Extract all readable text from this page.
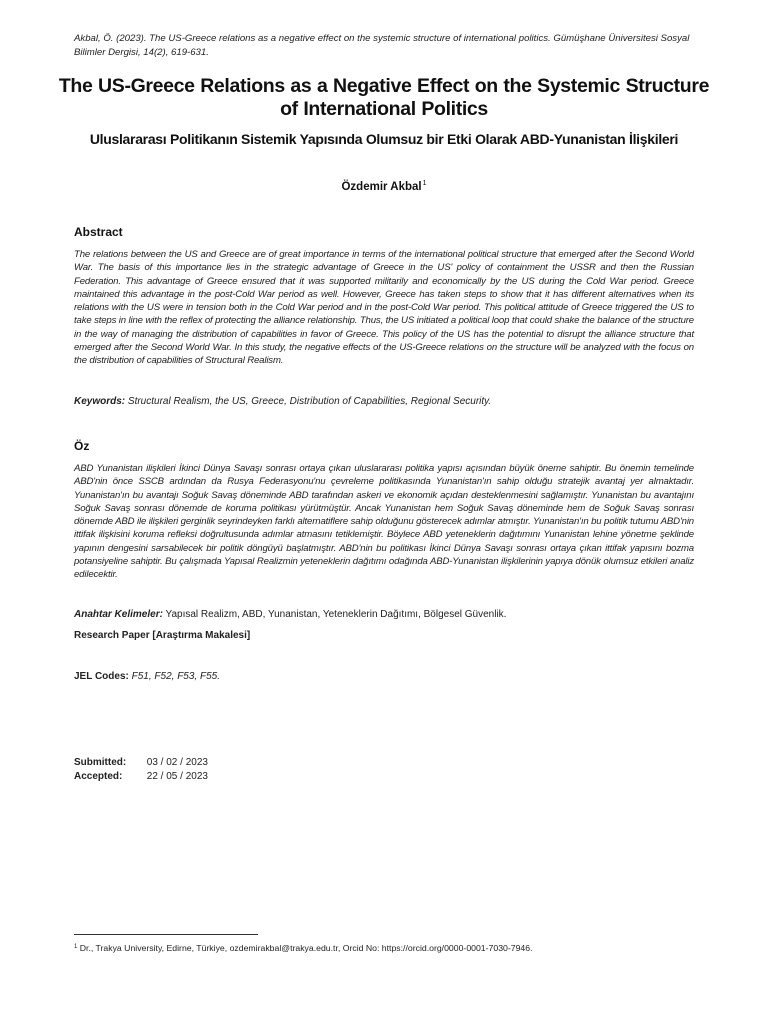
Akbal, Ö. (2023). The US-Greece relations as a negative effect on the systemic structure of international politics. Gümüşhane Üniversitesi Sosyal Bilimler Dergisi, 14(2), 619-631.
The US-Greece Relations as a Negative Effect on the Systemic Structure of International Politics
Uluslararası Politikanın Sistemik Yapısında Olumsuz bir Etki Olarak ABD-Yunanistan İlişkileri
Özdemir Akbal$^1$
Abstract
The relations between the US and Greece are of great importance in terms of the international political structure that emerged after the Second World War. The basis of this importance lies in the strategic advantage of Greece in the US' policy of containment the USSR and then the Russian Federation. This advantage of Greece ensured that it was supported militarily and economically by the US during the Cold War period. Greece maintained this advantage in the post-Cold War period as well. However, Greece has taken steps to show that it has different alternatives when its relations with the US were in tension both in the Cold War period and in the post-Cold War period. This political attitude of Greece triggered the US to take steps in line with the reflex of protecting the alliance relationship. Thus, the US initiated a political loop that could shake the balance of the structure in the way of managing the distribution of capabilities in favor of Greece. This policy of the US has the potential to disrupt the alliance structure that emerged after the Second World War. In this study, the negative effects of the US-Greece relations on the structure will be analyzed with the focus on the distribution of capabilities of Structural Realism.
Keywords: Structural Realism, the US, Greece, Distribution of Capabilities, Regional Security.
Öz
ABD Yunanistan ilişkileri İkinci Dünya Savaşı sonrası ortaya çıkan uluslararası politika yapısı açısından büyük öneme sahiptir. Bu önemin temelinde ABD'nin önce SSCB ardından da Rusya Federasyonu'nu çevreleme politikasında Yunanistan'ın sahip olduğu stratejik avantaj yer almaktadır. Yunanistan'ın bu avantajı Soğuk Savaş döneminde ABD tarafından askeri ve ekonomik açıdan desteklenmesini sağlamıştır. Yunanistan bu avantajını Soğuk Savaş sonrası dönemde de koruma politikası yürütmüştür. Ancak Yunanistan hem Soğuk Savaş döneminde hem de Soğuk Savaş sonrası dönemde ABD ile ilişkileri gerginlik seyrindeyken farklı alternatiflere sahip olduğunu gösterecek adımlar atmıştır. Yunanistan'ın bu politik tutumu ABD'nin ittifak ilişkisini koruma refleksi doğrultusunda adımlar atmasını tetiklemiştir. Böylece ABD yeteneklerin dağıtımını Yunanistan lehine yönetme şeklinde yapının dengesini sarsabilecek bir politik döngüyü başlatmıştır. ABD'nin bu politikası İkinci Dünya Savaşı sonrası ortaya çıkan ittifak yapısını bozma potansiyeline sahiptir. Bu çalışmada Yapısal Realizmin yeteneklerin dağıtımı odağında ABD-Yunanistan ilişkilerinin yapıya dönük olumsuz etkileri analiz edilecektir.
Anahtar Kelimeler: Yapısal Realizm, ABD, Yunanistan, Yeteneklerin Dağıtımı, Bölgesel Güvenlik.
Research Paper [Araştırma Makalesi]
JEL Codes: F51, F52, F53, F55.
Submitted: 03 / 02 / 2023
Accepted: 22 / 05 / 2023
$^1$ Dr., Trakya University, Edirne, Türkiye, ozdemirakbal@trakya.edu.tr, Orcid No: https://orcid.org/0000-0001-7030-7946.
